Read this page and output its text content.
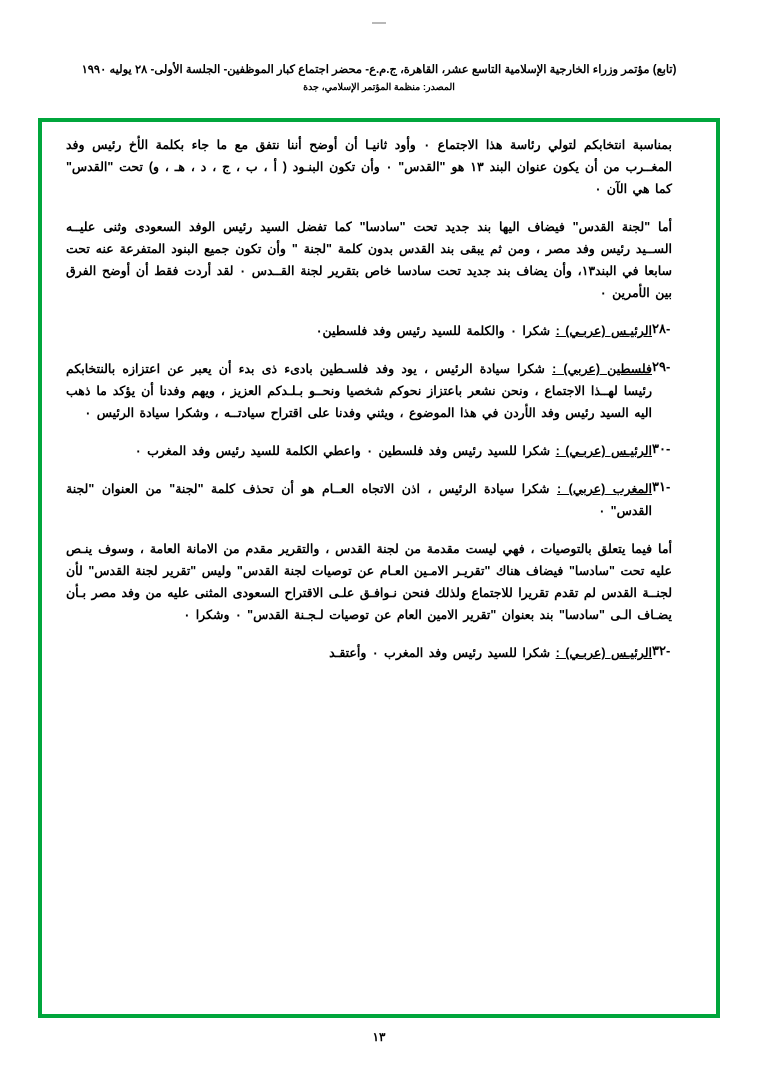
(تابع) مؤتمر وزراء الخارجية الإسلامية التاسع عشر، القاهرة، ج.م.ع- محضر اجتماع كبار الموظفين- الجلسة الأولى- ٢٨ يوليه ١٩٩٠
المصدر: منظمة المؤتمر الإسلامي، جدة
بمناسبة انتخابكم لتولي رئاسة هذا الاجتماع ٠ وأود ثانيـا أن أوضح أننا نتفق مع ما جاء بكلمة الأخ رئيس وفد المغــرب من أن يكون عنوان البند ١٣ هو "القدس" ٠ وأن تكون البنـود ( أ ، ب ، ج ، د ، هـ ، و) تحت "القدس" كما هي الآن ٠
أما "لجنة القدس" فيضاف اليها بند جديد تحت "سادسا" كما تفضل السيد رئيس الوفد السعودى وثنى عليــه الســيد رئيس وفد مصر ، ومن ثم يبقى بند القدس بدون كلمة "لجنة " وأن تكون جميع البنود المتفرعة عنه تحت سابعا في البند١٣، وأن يضاف بند جديد تحت سادسا خاص بتقرير لجنة القــدس ٠ لقد أردت فقط أن أوضح الفرق بين الأمرين ٠
-٢٨
الرئيـس (عربـي) : شكرا ٠ والكلمة للسيد رئيس وفد فلسطين٠
-٢٩
فلسطين (عربي) : شكرا سيادة الرئيس ، يود وفد فلسـطين بادىء ذى بدء أن يعبر عن اعتزازه بالنتخابكم رئيسا لهــذا الاجتماع ، ونحن نشعر باعتزاز نحوكم شخصيا ونحــو بـلـدكم العزيز ، ويهم وفدنا أن يؤكد ما ذهب اليه السيد رئيس وفد الأردن في هذا الموضوع ، ويثني وفدنا على اقتراح سيادتــه ، وشكرا سيادة الرئيس ٠
-٣٠
الرئيـس (عربـي) : شكرا للسيد رئيس وفد فلسطين ٠ واعطي الكلمة للسيد رئيس وفد المغرب ٠
-٣١
المغرب (عربي) : شكرا سيادة الرئيس ، اذن الاتجاه العــام هو أن تحذف كلمة "لجنة" من العنوان "لجنة القدس" ٠
أما فيما يتعلق بالتوصيات ، فهي ليست مقدمة من لجنة القدس ، والتقرير مقدم من الامانة العامة ، وسوف ينـص عليه تحت "سادسا" فيضاف هناك "تقريـر الامـين العـام عن توصيات لجنة القدس" وليس "تقرير لجنة القدس" لأن لجنــة القدس لم تقدم تقريرا للاجتماع ولذلك فنحن نـوافـق علـى الاقتراح السعودى المثنى عليه من وفد مصر بـأن يضـاف الـى "سادسا" بند بعنوان "تقرير الامين العام عن توصيات لـجـنة القدس" ٠ وشكرا ٠
-٣٢
الرئيـس (عربـي) : شكرا للسيد رئيس وفد المغرب ٠ وأعتقـد
١٣
